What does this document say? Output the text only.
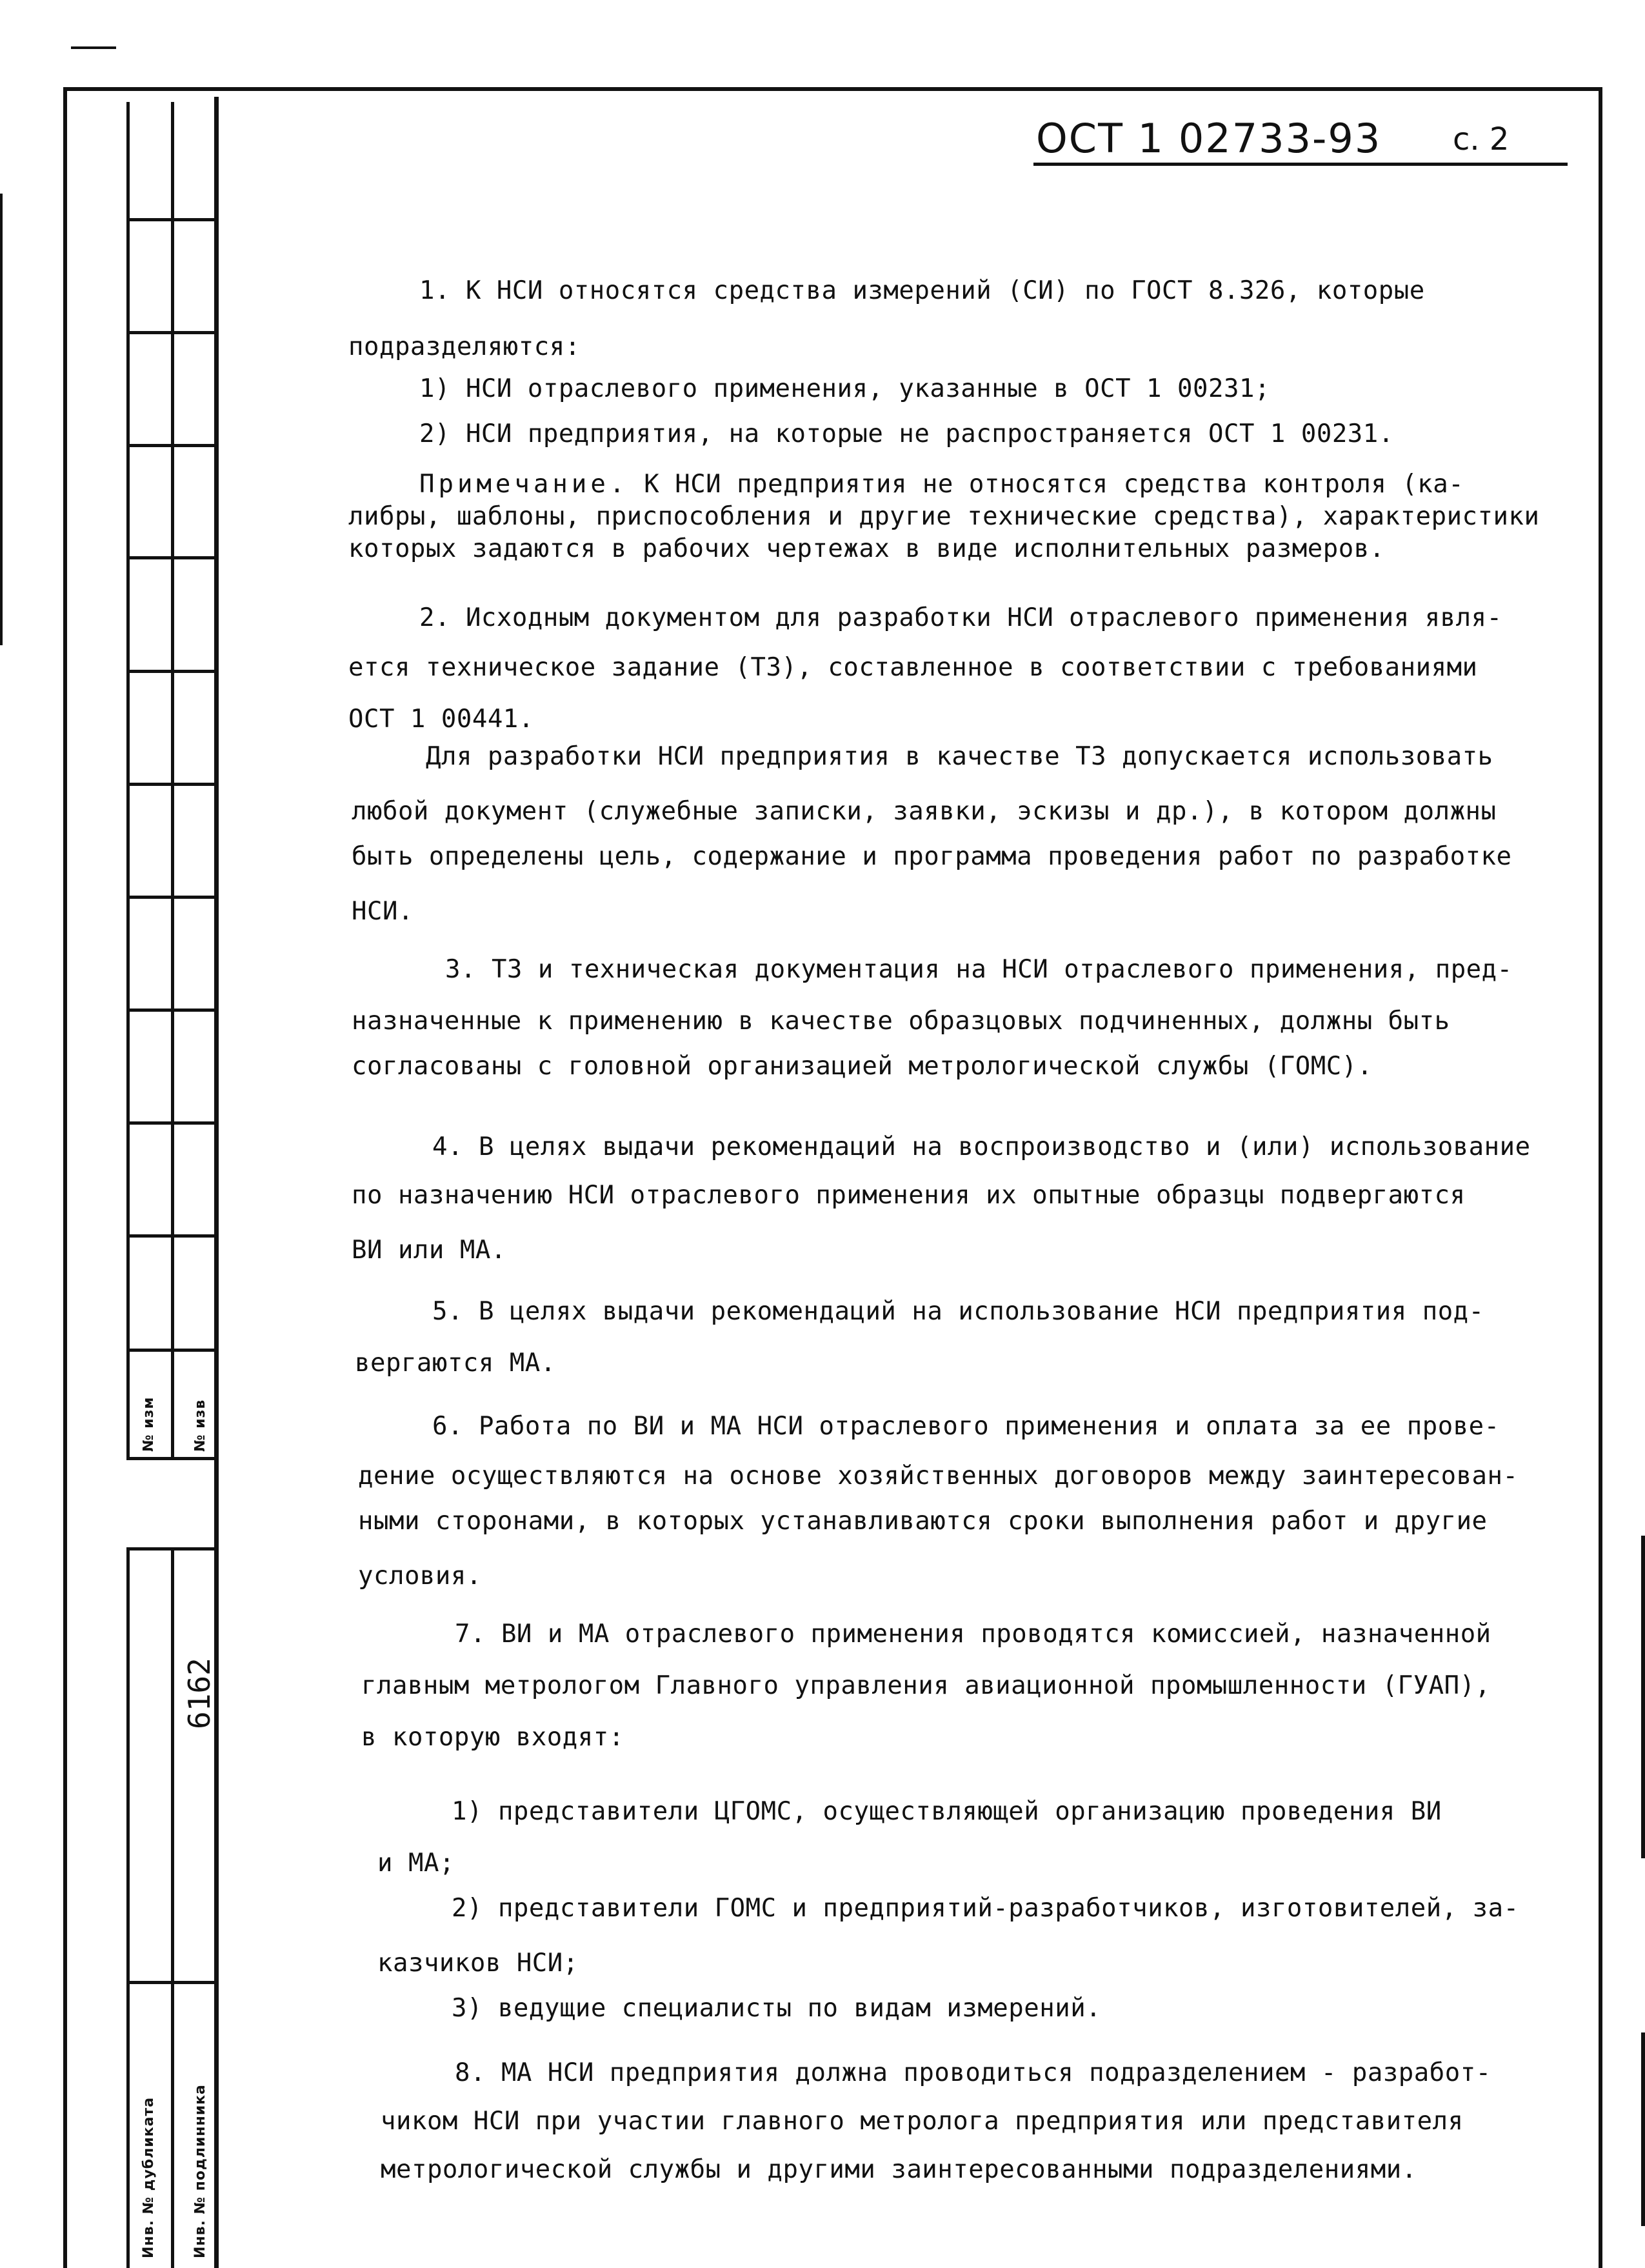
№ изм	№ изв
Инв. № дубликата	Инв. № подлинника
6162
ОСТ 1 02733-93 с. 2
1. К НСИ относятся средства измерений (СИ) по ГОСТ 8.326, которые
подразделяются:
1) НСИ отраслевого применения, указанные в ОСТ 1 00231;
2) НСИ предприятия, на которые не распространяется ОСТ 1 00231.
Примечание. К НСИ предприятия не относятся средства контроля (ка-
либры, шаблоны, приспособления и другие технические средства), характеристики
которых задаются в рабочих чертежах в виде исполнительных размеров.
2. Исходным документом для разработки НСИ отраслевого применения явля-
ется техническое задание (ТЗ), составленное в соответствии с требованиями
ОСТ 1 00441.
Для разработки НСИ предприятия в качестве ТЗ допускается использовать
любой документ (служебные записки, заявки, эскизы и др.), в котором должны
быть определены цель, содержание и программа проведения работ по разработке
НСИ.
3. ТЗ и техническая документация на НСИ отраслевого применения, пред-
назначенные к применению в качестве образцовых подчиненных, должны быть
согласованы с головной организацией метрологической службы (ГОМС).
4. В целях выдачи рекомендаций на воспроизводство и (или) использование
по назначению НСИ отраслевого применения их опытные образцы подвергаются
ВИ или МА.
5. В целях выдачи рекомендаций на использование НСИ предприятия под-
вергаются МА.
6. Работа по ВИ и МА НСИ отраслевого применения и оплата за ее прове-
дение осуществляются на основе хозяйственных договоров между заинтересован-
ными сторонами, в которых устанавливаются сроки выполнения работ и другие
условия.
7. ВИ и МА отраслевого применения проводятся комиссией, назначенной
главным метрологом Главного управления авиационной промышленности (ГУАП),
в которую входят:
1) представители ЦГОМС, осуществляющей организацию проведения ВИ
и МА;
2) представители ГОМС и предприятий-разработчиков, изготовителей, за-
казчиков НСИ;
3) ведущие специалисты по видам измерений.
8. МА НСИ предприятия должна проводиться подразделением - разработ-
чиком НСИ при участии главного метролога предприятия или представителя
метрологической службы и другими заинтересованными подразделениями.
